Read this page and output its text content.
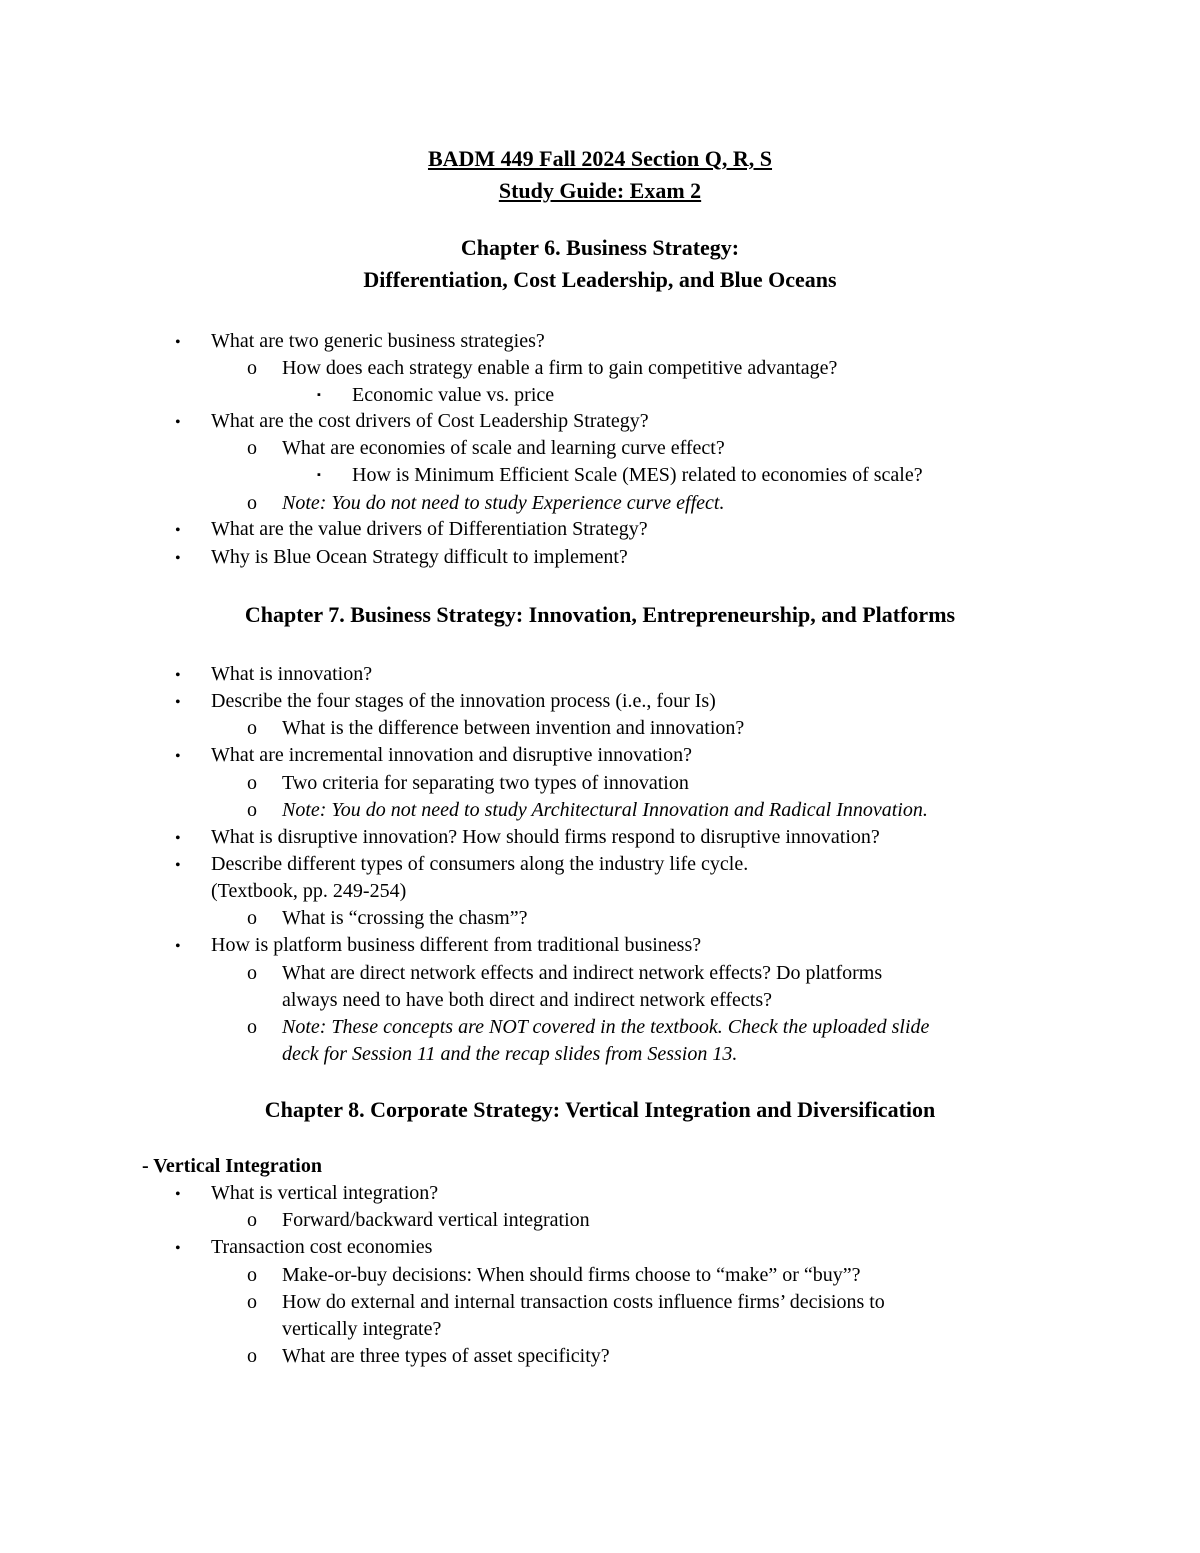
BADM 449 Fall 2024 Section Q, R, S
Study Guide: Exam 2
Chapter 6. Business Strategy:
Differentiation, Cost Leadership, and Blue Oceans
•	What are two generic business strategies?
o	How does each strategy enable a firm to gain competitive advantage?
▪	Economic value vs. price
•	What are the cost drivers of Cost Leadership Strategy?
o	What are economies of scale and learning curve effect?
▪	How is Minimum Efficient Scale (MES) related to economies of scale?
o	Note: You do not need to study Experience curve effect.
•	What are the value drivers of Differentiation Strategy?
•	Why is Blue Ocean Strategy difficult to implement?
Chapter 7. Business Strategy: Innovation, Entrepreneurship, and Platforms
•	What is innovation?
•	Describe the four stages of the innovation process (i.e., four Is)
o	What is the difference between invention and innovation?
•	What are incremental innovation and disruptive innovation?
o	Two criteria for separating two types of innovation
o	Note: You do not need to study Architectural Innovation and Radical Innovation.
•	What is disruptive innovation? How should firms respond to disruptive innovation?
•	Describe different types of consumers along the industry life cycle.
(Textbook, pp. 249-254)
o	What is “crossing the chasm”?
•	How is platform business different from traditional business?
o	What are direct network effects and indirect network effects? Do platforms
always need to have both direct and indirect network effects?
o	Note: These concepts are NOT covered in the textbook. Check the uploaded slide
deck for Session 11 and the recap slides from Session 13.
Chapter 8. Corporate Strategy: Vertical Integration and Diversification
- Vertical Integration
•	What is vertical integration?
o	Forward/backward vertical integration
•	Transaction cost economies
o	Make-or-buy decisions: When should firms choose to “make” or “buy”?
o	How do external and internal transaction costs influence firms’ decisions to
vertically integrate?
o	What are three types of asset specificity?
